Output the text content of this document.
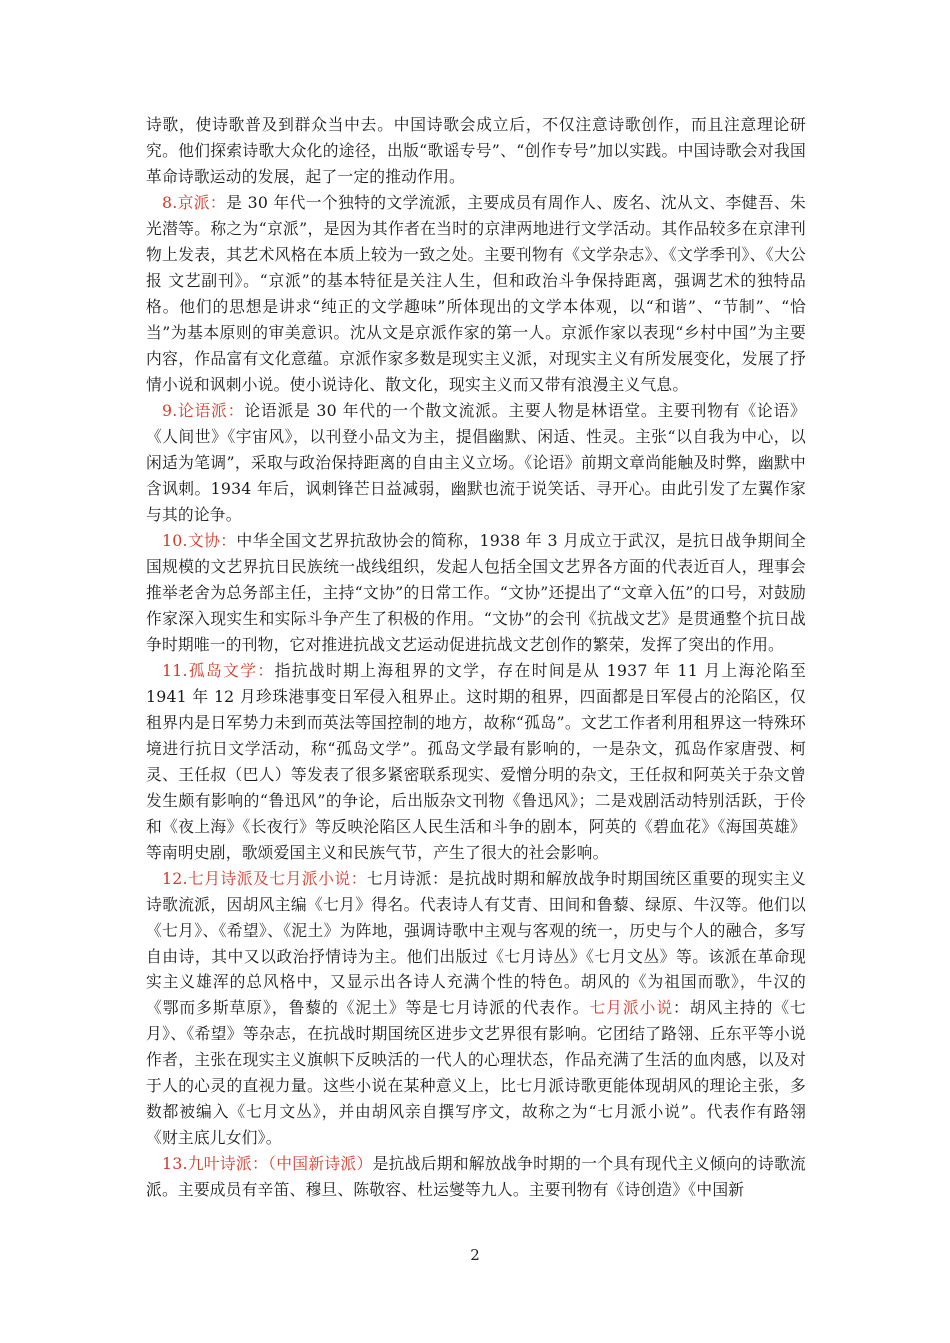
诗歌，使诗歌普及到群众当中去。中国诗歌会成立后，不仅注意诗歌创作，而且注意理论研究。他们探索诗歌大众化的途径，出版“歌谣专号”、“创作专号”加以实践。中国诗歌会对我国革命诗歌运动的发展，起了一定的推动作用。

8.京派：是 30 年代一个独特的文学流派，主要成员有周作人、废名、沈从文、李健吾、朱光潜等。称之为“京派”，是因为其作者在当时的京津两地进行文学活动。其作品较多在京津刊物上发表，其艺术风格在本质上较为一致之处。主要刊物有《文学杂志》、《文学季刊》、《大公报 文艺副刊》。“京派”的基本特征是关注人生，但和政治斗争保持距离，强调艺术的独特品格。他们的思想是讲求“纯正的文学趣味”所体现出的文学本体观，以“和谐”、“节制”、“恰当”为基本原则的审美意识。沈从文是京派作家的第一人。京派作家以表现“乡村中国”为主要内容，作品富有文化意蕴。京派作家多数是现实主义派，对现实主义有所发展变化，发展了抒情小说和讽刺小说。使小说诗化、散文化，现实主义而又带有浪漫主义气息。

9.论语派：论语派是 30 年代的一个散文流派。主要人物是林语堂。主要刊物有《论语》《人间世》《宇宙风》，以刊登小品文为主，提倡幽默、闲适、性灵。主张“以自我为中心，以闲适为笔调”，采取与政治保持距离的自由主义立场。《论语》前期文章尚能触及时弊，幽默中含讽刺。1934 年后，讽刺锋芒日益减弱，幽默也流于说笑话、寻开心。由此引发了左翼作家与其的论争。

10.文协：中华全国文艺界抗敌协会的简称，1938 年 3 月成立于武汉，是抗日战争期间全国规模的文艺界抗日民族统一战线组织，发起人包括全国文艺界各方面的代表近百人，理事会推举老舍为总务部主任，主持“文协”的日常工作。“文协”还提出了“文章入伍”的口号，对鼓励作家深入现实生和实际斗争产生了积极的作用。“文协”的会刊《抗战文艺》是贯通整个抗日战争时期唯一的刊物，它对推进抗战文艺运动促进抗战文艺创作的繁荣，发挥了突出的作用。

11.孤岛文学：指抗战时期上海租界的文学，存在时间是从 1937 年 11 月上海沦陷至 1941 年 12 月珍珠港事变日军侵入租界止。这时期的租界，四面都是日军侵占的沦陷区，仅租界内是日军势力未到而英法等国控制的地方，故称“孤岛”。文艺工作者利用租界这一特殊环境进行抗日文学活动，称“孤岛文学”。孤岛文学最有影响的，一是杂文，孤岛作家唐弢、柯灵、王任叔（巴人）等发表了很多紧密联系现实、爱憎分明的杂文，王任叔和阿英关于杂文曾发生颇有影响的“鲁迅风”的争论，后出版杂文刊物《鲁迅风》；二是戏剧活动特别活跃，于伶和《夜上海》《长夜行》等反映沦陷区人民生活和斗争的剧本，阿英的《碧血花》《海国英雄》等南明史剧，歌颂爱国主义和民族气节，产生了很大的社会影响。

12.七月诗派及七月派小说：七月诗派：是抗战时期和解放战争时期国统区重要的现实主义诗歌流派，因胡风主编《七月》得名。代表诗人有艾青、田间和鲁藜、绿原、牛汉等。他们以《七月》、《希望》、《泥土》为阵地，强调诗歌中主观与客观的统一，历史与个人的融合，多写自由诗，其中又以政治抒情诗为主。他们出版过《七月诗丛》《七月文丛》等。该派在革命现实主义雄浑的总风格中，又显示出各诗人充满个性的特色。胡风的《为祖国而歌》，牛汉的《鄂而多斯草原》，鲁藜的《泥土》等是七月诗派的代表作。七月派小说：胡风主持的《七月》、《希望》等杂志，在抗战时期国统区进步文艺界很有影响。它团结了路翎、丘东平等小说作者，主张在现实主义旗帜下反映活的一代人的心理状态，作品充满了生活的血肉感，以及对于人的心灵的直视力量。这些小说在某种意义上，比七月派诗歌更能体现胡风的理论主张，多数都被编入《七月文丛》，并由胡风亲自撰写序文，故称之为“七月派小说”。代表作有路翎《财主底儿女们》。

13.九叶诗派：（中国新诗派）是抗战后期和解放战争时期的一个具有现代主义倾向的诗歌流派。主要成员有辛笛、穆旦、陈敬容、杜运燮等九人。主要刊物有《诗创造》《中国新

2
